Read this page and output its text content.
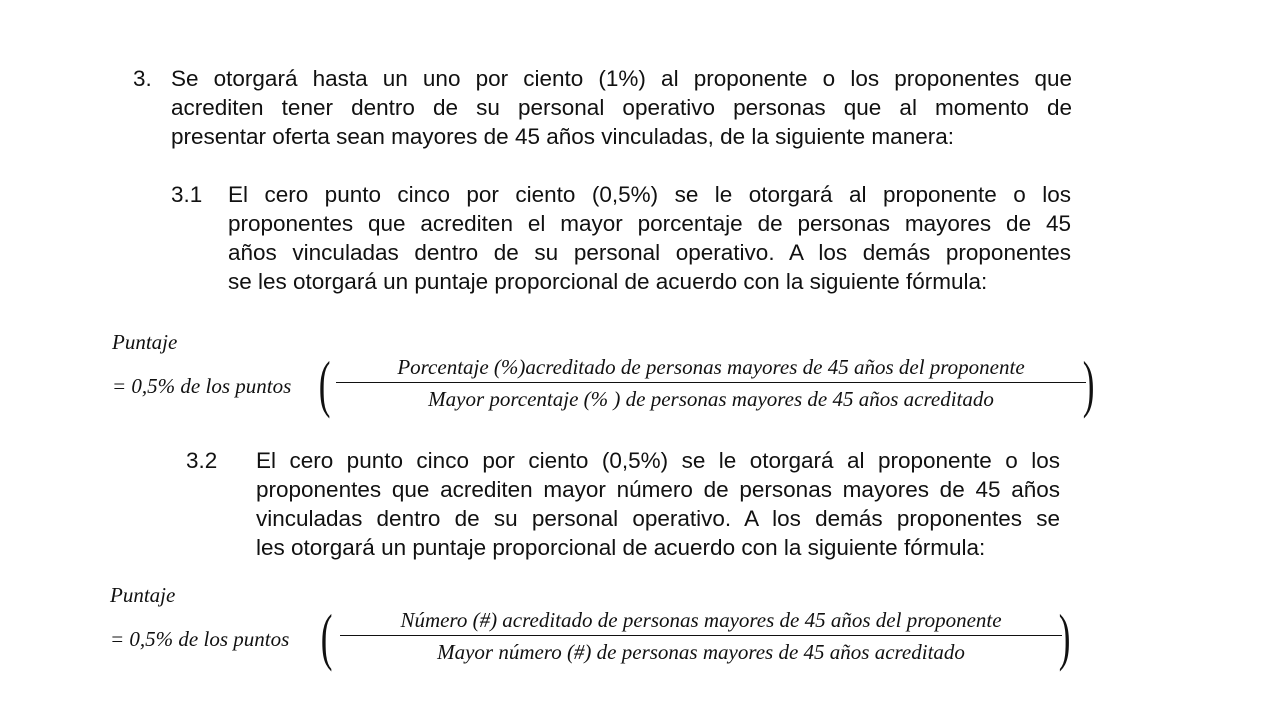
3. Se otorgará hasta un uno por ciento (1%) al proponente o los proponentes que
acrediten tener dentro de su personal operativo personas que al momento de
presentar oferta sean mayores de 45 años vinculadas, de la siguiente manera:
3.1 El cero punto cinco por ciento (0,5%) se le otorgará al proponente o los
proponentes que acrediten el mayor porcentaje de personas mayores de 45
años vinculadas dentro de su personal operativo. A los demás proponentes
se les otorgará un puntaje proporcional de acuerdo con la siguiente fórmula:
Puntaje
= 0,5% de los puntos (	Porcentaje (%)acreditado de personas mayores de 45 años del proponente
Mayor porcentaje (% ) de personas mayores de 45 años acreditado )
3.2 El cero punto cinco por ciento (0,5%) se le otorgará al proponente o los
proponentes que acrediten mayor número de personas mayores de 45 años
vinculadas dentro de su personal operativo. A los demás proponentes se
les otorgará un puntaje proporcional de acuerdo con la siguiente fórmula:
Puntaje
= 0,5% de los puntos (	Número (#) acreditado de personas mayores de 45 años del proponente
Mayor número (#) de personas mayores de 45 años acreditado )
